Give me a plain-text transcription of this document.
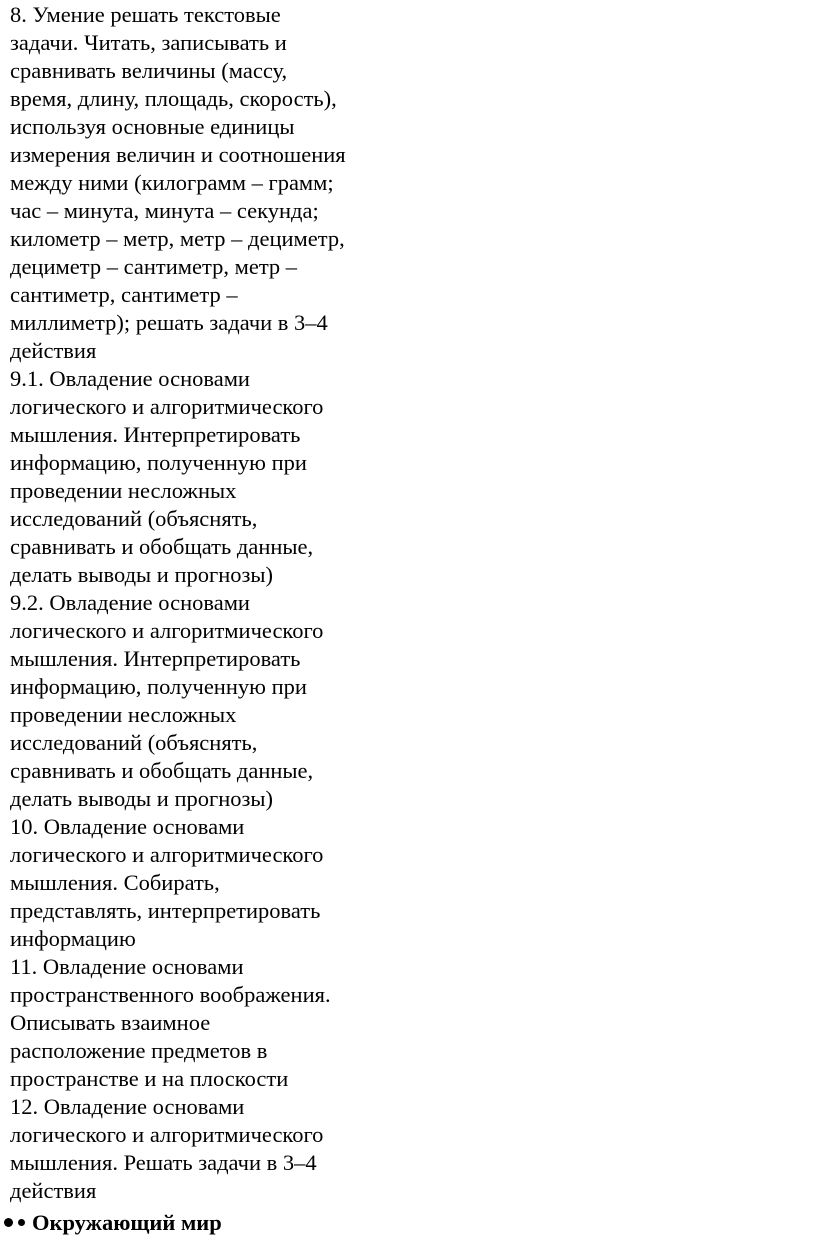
8. Умение решать текстовые
задачи. Читать, записывать и
сравнивать величины (массу,
время, длину, площадь, скорость),
используя основные единицы
измерения величин и соотношения
между ними (килограмм – грамм;
час – минута, минута – секунда;
километр – метр, метр – дециметр,
дециметр – сантиметр, метр –
сантиметр, сантиметр –
миллиметр); решать задачи в 3–4
действия
9.1. Овладение основами
логического и алгоритмического
мышления. Интерпретировать
информацию, полученную при
проведении несложных
исследований (объяснять,
сравнивать и обобщать данные,
делать выводы и прогнозы)
9.2. Овладение основами
логического и алгоритмического
мышления. Интерпретировать
информацию, полученную при
проведении несложных
исследований (объяснять,
сравнивать и обобщать данные,
делать выводы и прогнозы)
10. Овладение основами
логического и алгоритмического
мышления. Собирать,
представлять, интерпретировать
информацию
11. Овладение основами
пространственного воображения.
Описывать взаимное
расположение предметов в
пространстве и на плоскости
12. Овладение основами
логического и алгоритмического
мышления. Решать задачи в 3–4
действия
Окружающий мир
